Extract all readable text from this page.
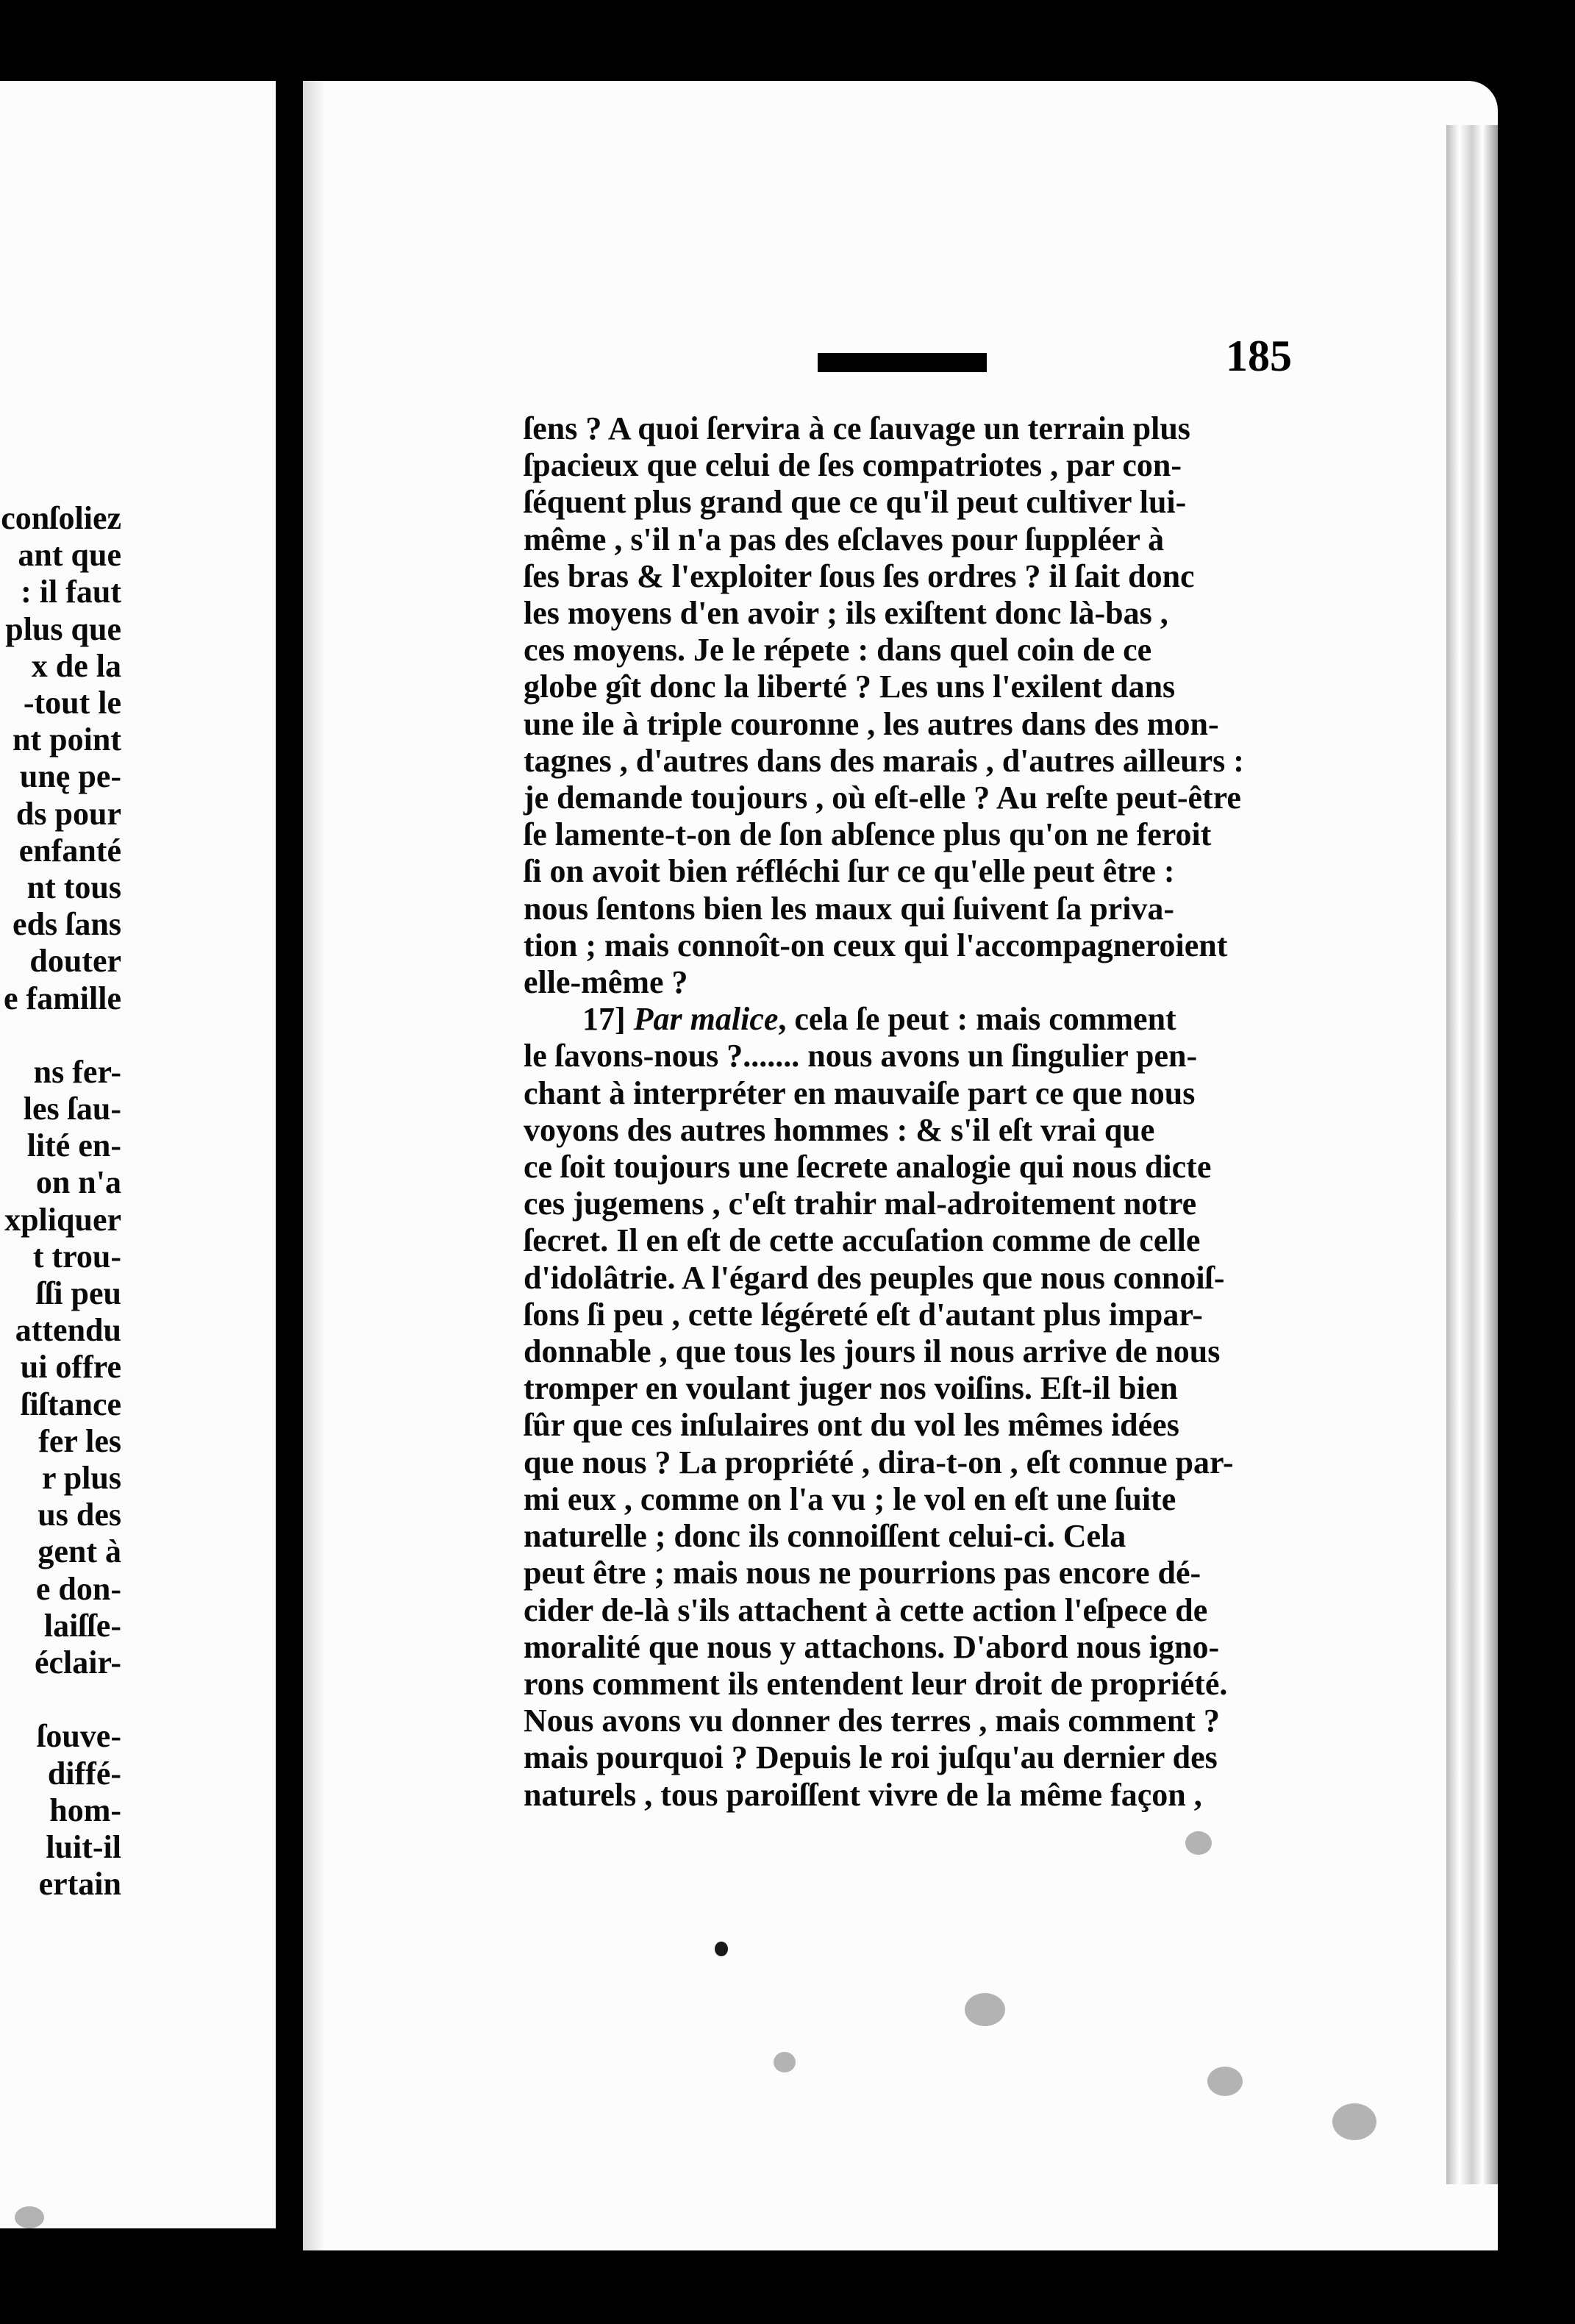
conſoliez
ant que
: il faut
plus que
x de la
-tout le
nt point
unę pe-
ds pour
enfanté
nt tous
eds ſans
douter
e famille
ns fer-
les ſau-
lité en-
on n'a
xpliquer
t trou-
ſſi peu
attendu
ui offre
ſiſtance
fer les
r plus
us des
gent à
e don-
laiſſe-
éclair-
ſouve-
diffé-
hom-
luit-il
ertain
185
ſens ? A quoi ſervira à ce ſauvage un terrain plus
ſpacieux que celui de ſes compatriotes , par con-
ſéquent plus grand que ce qu'il peut cultiver lui-
même , s'il n'a pas des eſclaves pour ſuppléer à
ſes bras & l'exploiter ſous ſes ordres ? il ſait donc
les moyens d'en avoir ; ils exiſtent donc là-bas ,
ces moyens. Je le répete : dans quel coin de ce
globe gît donc la liberté ? Les uns l'exilent dans
une ile à triple couronne , les autres dans des mon-
tagnes , d'autres dans des marais , d'autres ailleurs :
je demande toujours , où eſt-elle ? Au reſte peut-être
ſe lamente-t-on de ſon abſence plus qu'on ne feroit
ſi on avoit bien réfléchi ſur ce qu'elle peut être :
nous ſentons bien les maux qui ſuivent ſa priva-
tion ; mais connoît-on ceux qui l'accompagneroient
elle-même ?
17] Par malice, cela ſe peut : mais comment
le ſavons-nous ?....... nous avons un ſingulier pen-
chant à interpréter en mauvaiſe part ce que nous
voyons des autres hommes : & s'il eſt vrai que
ce ſoit toujours une ſecrete analogie qui nous dicte
ces jugemens , c'eſt trahir mal-adroitement notre
ſecret. Il en eſt de cette accuſation comme de celle
d'idolâtrie. A l'égard des peuples que nous connoiſ-
ſons ſi peu , cette légéreté eſt d'autant plus impar-
donnable , que tous les jours il nous arrive de nous
tromper en voulant juger nos voiſins. Eſt-il bien
ſûr que ces inſulaires ont du vol les mêmes idées
que nous ? La propriété , dira-t-on , eſt connue par-
mi eux , comme on l'a vu ; le vol en eſt une ſuite
naturelle ; donc ils connoiſſent celui-ci. Cela
peut être ; mais nous ne pourrions pas encore dé-
cider de-là s'ils attachent à cette action l'eſpece de
moralité que nous y attachons. D'abord nous igno-
rons comment ils entendent leur droit de propriété.
Nous avons vu donner des terres , mais comment ?
mais pourquoi ? Depuis le roi juſqu'au dernier des
naturels , tous paroiſſent vivre de la même façon ,
